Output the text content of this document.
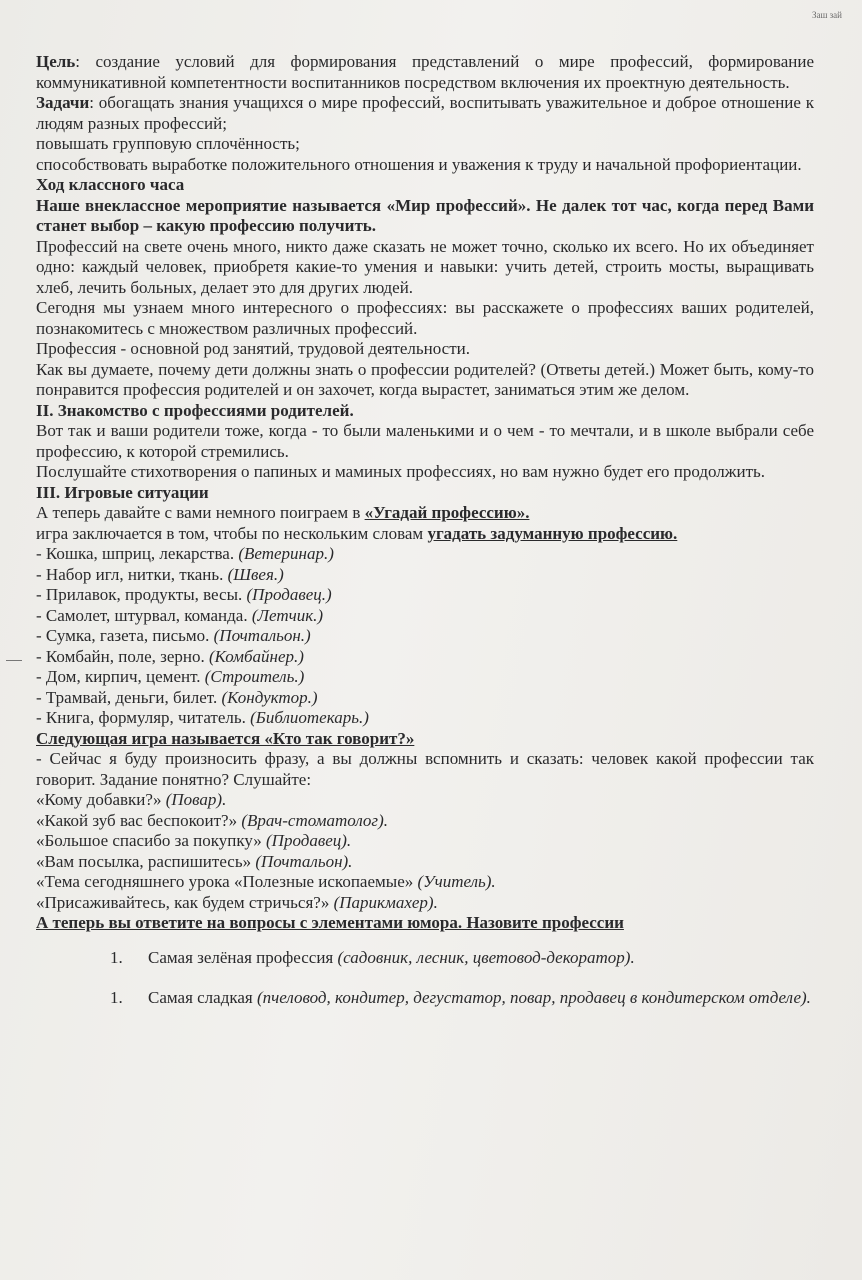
Заш зай

Цель: создание условий для формирования представлений о мире профессий, формирование коммуникативной компетентности воспитанников посредством включения их проектную деятельность.

Задачи: обогащать знания учащихся о мире профессий, воспитывать уважительное и доброе отношение к людям разных профессий;

повышать групповую сплочённость;

способствовать выработке положительного отношения и уважения к труду и начальной профориентации.

Ход классного часа

Наше внеклассное мероприятие называется «Мир профессий». Не далек тот час, когда перед Вами станет выбор – какую профессию получить.

Профессий на свете очень много, никто даже сказать не может точно, сколько их всего. Но их объединяет одно: каждый человек, приобретя какие-то умения и навыки: учить детей, строить мосты, выращивать хлеб, лечить больных, делает это для других людей.

Сегодня мы узнаем много интересного о профессиях: вы расскажете о профессиях ваших родителей, познакомитесь с множеством различных профессий.

Профессия - основной род занятий, трудовой деятельности.

Как вы думаете, почему дети должны знать о профессии родителей? (Ответы детей.) Может быть, кому-то понравится профессия родителей и он захочет, когда вырастет, заниматься этим же делом.

II. Знакомство с профессиями родителей.

Вот так и ваши родители тоже, когда - то были маленькими и о чем - то мечтали, и в школе выбрали себе профессию, к которой стремились.

Послушайте стихотворения о папиных и маминых профессиях, но вам нужно будет его продолжить.

III. Игровые ситуации

А теперь давайте с вами немного поиграем в «Угадай профессию».

игра заключается в том, чтобы по нескольким словам угадать задуманную профессию.

- Кошка, шприц, лекарства. (Ветеринар.)

- Набор игл, нитки, ткань. (Швея.)

- Прилавок, продукты, весы. (Продавец.)

- Самолет, штурвал, команда. (Летчик.)

- Сумка, газета, письмо. (Почтальон.)

- Комбайн, поле, зерно. (Комбайнер.)

- Дом, кирпич, цемент. (Строитель.)

- Трамвай, деньги, билет. (Кондуктор.)

- Книга, формуляр, читатель. (Библиотекарь.)

Следующая игра называется «Кто так говорит?»

- Сейчас я буду произносить фразу, а вы должны вспомнить и сказать: человек какой профессии так говорит. Задание понятно? Слушайте:

«Кому добавки?» (Повар).

«Какой зуб вас беспокоит?» (Врач-стоматолог).

«Большое спасибо за покупку» (Продавец).

«Вам посылка, распишитесь» (Почтальон).

«Тема сегодняшнего урока «Полезные ископаемые» (Учитель).

«Присаживайтесь, как будем стричься?» (Парикмахер).

А теперь вы ответите на вопросы с элементами юмора. Назовите профессии

1.	Самая зелёная профессия (садовник, лесник, цветовод-декоратор).
1.	Самая сладкая (пчеловод, кондитер, дегустатор, повар, продавец в кондитерском отделе).
